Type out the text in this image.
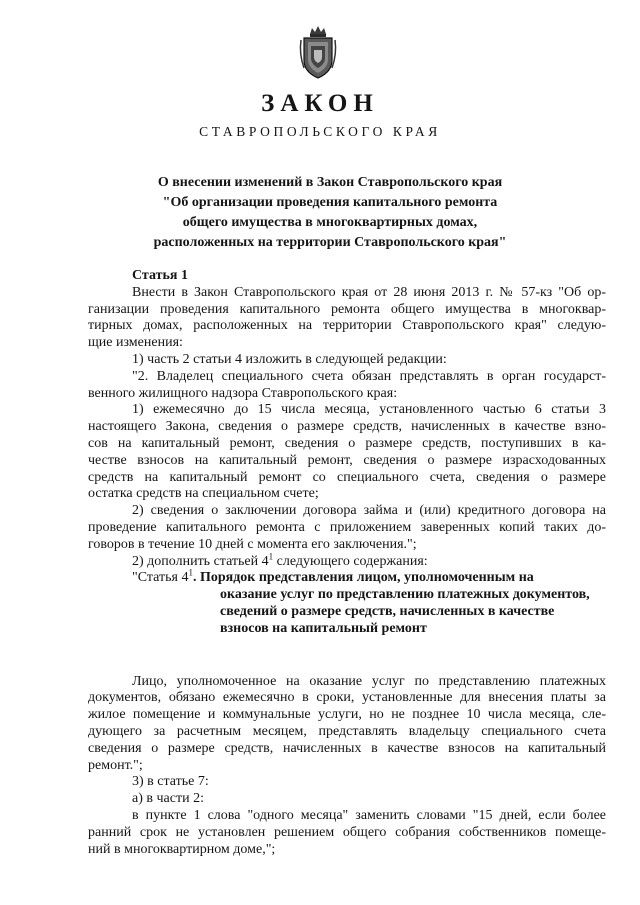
ЗАКОН
СТАВРОПОЛЬСКОГО КРАЯ
О внесении изменений в Закон Ставропольского края
"Об организации проведения капитального ремонта
общего имущества в многоквартирных домах,
расположенных на территории Ставропольского края"
Статья 1
Внести в Закон Ставропольского края от 28 июня 2013 г. № 57-кз "Об ор-
ганизации проведения капитального ремонта общего имущества в многоквар-
тирных домах, расположенных на территории Ставропольского края" следую-
щие изменения:
1) часть 2 статьи 4 изложить в следующей редакции:
"2. Владелец специального счета обязан представлять в орган государст-
венного жилищного надзора Ставропольского края:
1) ежемесячно до 15 числа месяца, установленного частью 6 статьи 3
настоящего Закона, сведения о размере средств, начисленных в качестве взно-
сов на капитальный ремонт, сведения о размере средств, поступивших в ка-
честве взносов на капитальный ремонт, сведения о размере израсходованных
средств на капитальный ремонт со специального счета, сведения о размере
остатка средств на специальном счете;
2) сведения о заключении договора займа и (или) кредитного договора на
проведение капитального ремонта с приложением заверенных копий таких до-
говоров в течение 10 дней с момента его заключения.";
2) дополнить статьей $4^1$ следующего содержания:
"Статья $4^1$. Порядок представления лицом, уполномоченным на
оказание услуг по представлению платежных документов,
сведений о размере средств, начисленных в качестве
взносов на капитальный ремонт
Лицо, уполномоченное на оказание услуг по представлению платежных
документов, обязано ежемесячно в сроки, установленные для внесения платы за
жилое помещение и коммунальные услуги, но не позднее 10 числа месяца, сле-
дующего за расчетным месяцем, представлять владельцу специального счета
сведения о размере средств, начисленных в качестве взносов на капитальный
ремонт.";
3) в статье 7:
а) в части 2:
в пункте 1 слова "одного месяца" заменить словами "15 дней, если более
ранний срок не установлен решением общего собрания собственников помеще-
ний в многоквартирном доме,";
